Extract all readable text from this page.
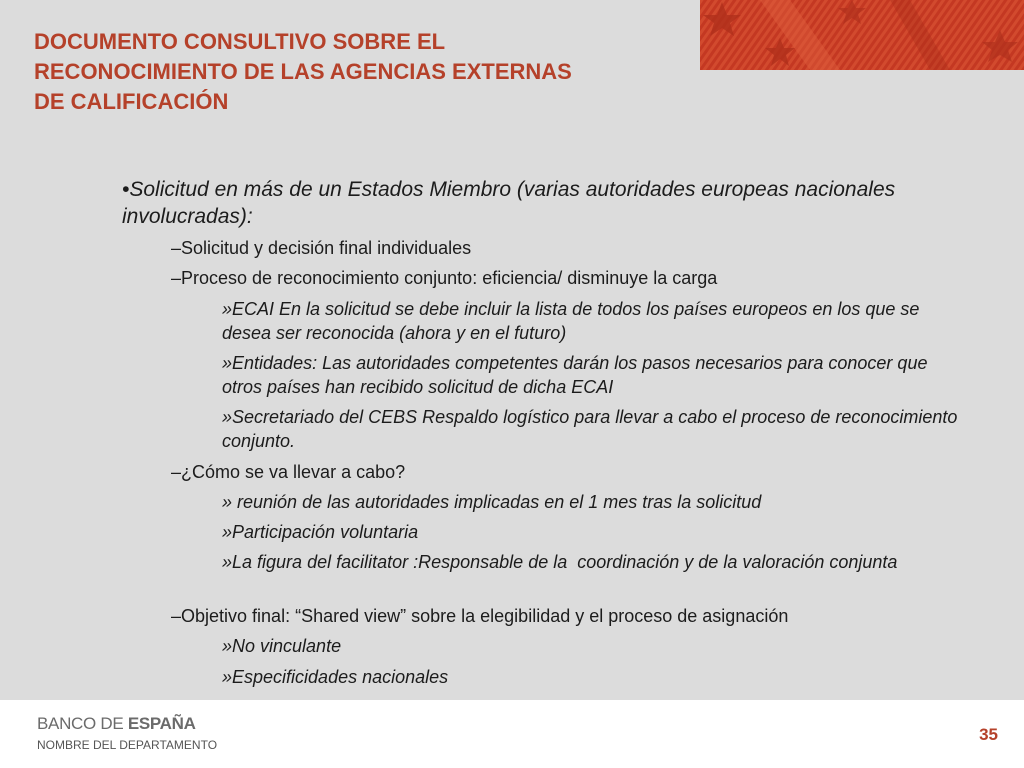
DOCUMENTO CONSULTIVO SOBRE EL
RECONOCIMIENTO DE LAS AGENCIAS EXTERNAS
DE CALIFICACIÓN

•Solicitud en más de un Estados Miembro (varias autoridades europeas nacionales involucradas):

–Solicitud y decisión final individuales

–Proceso de reconocimiento conjunto: eficiencia/ disminuye la carga

»ECAI En la solicitud se debe incluir la lista de todos los países europeos en los que se desea ser reconocida (ahora y en el futuro)

»Entidades: Las autoridades competentes darán los pasos necesarios para conocer que otros países han recibido solicitud de dicha ECAI

»Secretariado del CEBS Respaldo logístico para llevar a cabo el proceso de reconocimiento conjunto.

–¿Cómo se va llevar a cabo?

» reunión de las autoridades implicadas en el 1 mes tras la solicitud

»Participación voluntaria

»La figura del facilitator :Responsable de la  coordinación y de la valoración conjunta

–Objetivo final: “Shared view” sobre la elegibilidad y el proceso de asignación

»No vinculante

»Especificidades nacionales

BANCO DE ESPAÑA
NOMBRE DEL DEPARTAMENTO
35
